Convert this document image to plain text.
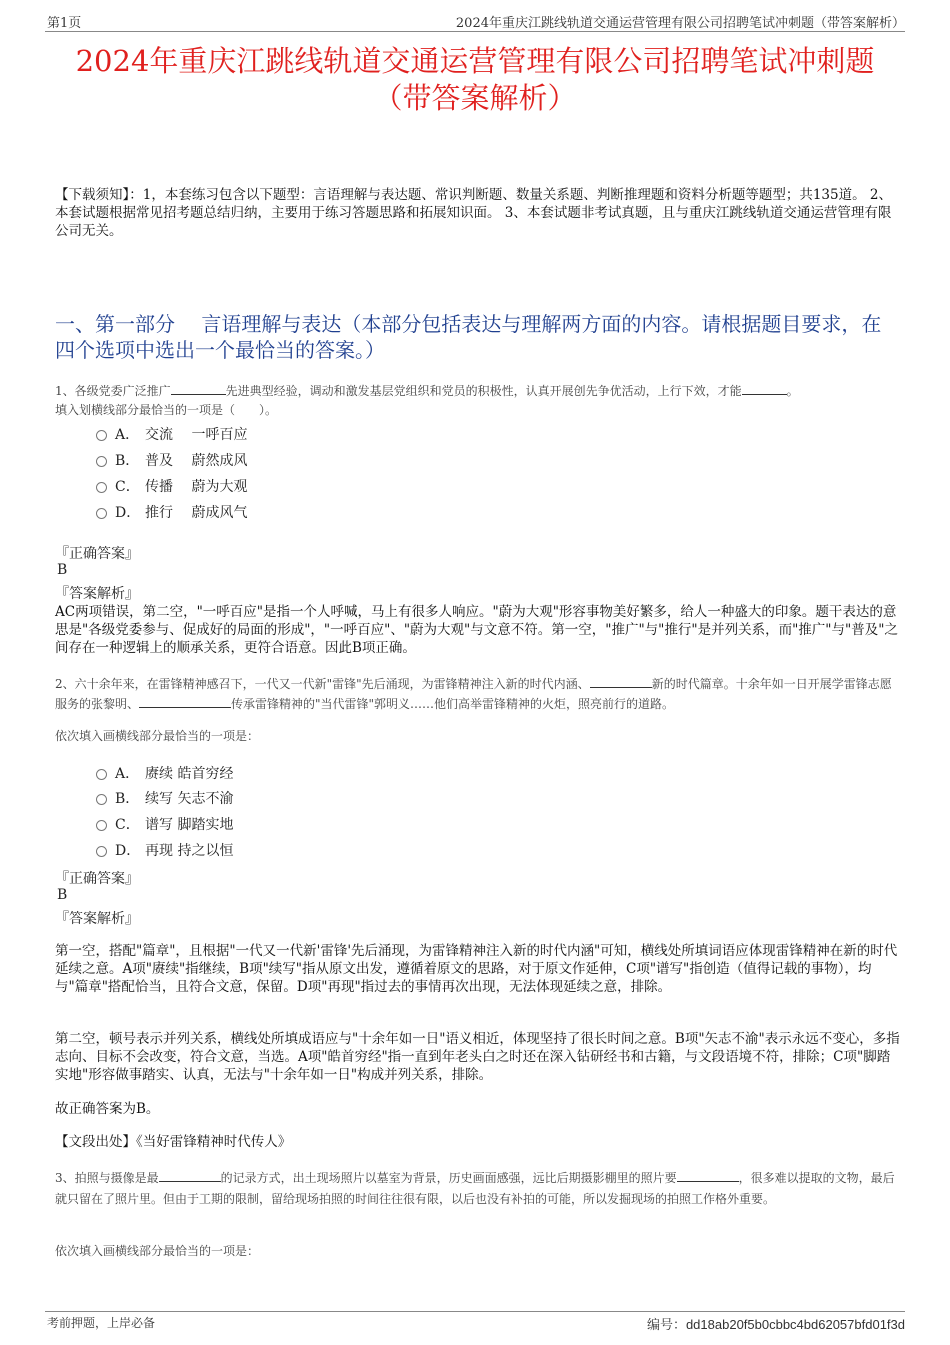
第1页	2024年重庆江跳线轨道交通运营管理有限公司招聘笔试冲刺题（带答案解析）
2024年重庆江跳线轨道交通运营管理有限公司招聘笔试冲刺题
（带答案解析）
【下载须知】：1，本套练习包含以下题型：言语理解与表达题、常识判断题、数量关系题、判断推理题和资料分析题等题型；共135道。 2、本套试题根据常见招考题总结归纳，主要用于练习答题思路和拓展知识面。 3、本套试题非考试真题，且与重庆江跳线轨道交通运营管理有限公司无关。
一、第一部分　 言语理解与表达（本部分包括表达与理解两方面的内容。请根据题目要求，在四个选项中选出一个最恰当的答案。）
1、各级党委广泛推广	先进典型经验，调动和激发基层党组织和党员的积极性，认真开展创先争优活动，上行下效，才能	。
填入划横线部分最恰当的一项是（　　）。
A． 交流　 一呼百应
B． 普及　 蔚然成风
C． 传播　 蔚为大观
D． 推行　 蔚成风气
『正确答案』
B
『答案解析』
AC两项错误，第二空，"一呼百应"是指一个人呼喊，马上有很多人响应。"蔚为大观"形容事物美好繁多，给人一种盛大的印象。题干表达的意思是"各级党委参与、促成好的局面的形成"，"一呼百应"、"蔚为大观"与文意不符。第一空，"推广"与"推行"是并列关系，而"推广"与"普及"之间存在一种逻辑上的顺承关系，更符合语意。因此B项正确。
2、六十余年来，在雷锋精神感召下，一代又一代新"雷锋"先后涌现，为雷锋精神注入新的时代内涵、	新的时代篇章。十余年如一日开展学雷锋志愿服务的张黎明、	传承雷锋精神的"当代雷锋"郭明义……他们高举雷锋精神的火炬，照亮前行的道路。
依次填入画横线部分最恰当的一项是：
A． 赓续 皓首穷经
B． 续写 矢志不渝
C． 谱写 脚踏实地
D． 再现 持之以恒
『正确答案』
B
『答案解析』
第一空，搭配"篇章"，且根据"一代又一代新'雷锋'先后涌现，为雷锋精神注入新的时代内涵"可知，横线处所填词语应体现雷锋精神在新的时代延续之意。A项"赓续"指继续，B项"续写"指从原文出发，遵循着原文的思路，对于原文作延伸，C项"谱写"指创造（值得记载的事物），均与"篇章"搭配恰当，且符合文意，保留。D项"再现"指过去的事情再次出现，无法体现延续之意，排除。
第二空，顿号表示并列关系，横线处所填成语应与"十余年如一日"语义相近，体现坚持了很长时间之意。B项"矢志不渝"表示永远不变心，多指志向、目标不会改变，符合文意，当选。A项"皓首穷经"指一直到年老头白之时还在深入钻研经书和古籍，与文段语境不符，排除；C项"脚踏实地"形容做事踏实、认真，无法与"十余年如一日"构成并列关系，排除。
故正确答案为B。
【文段出处】《当好雷锋精神时代传人》
3、拍照与摄像是最	的记录方式，出土现场照片以墓室为背景，历史画面感强，远比后期摄影棚里的照片要	，很多难以提取的文物，最后就只留在了照片里。但由于工期的限制，留给现场拍照的时间往往很有限，以后也没有补拍的可能，所以发掘现场的拍照工作格外重要。
依次填入画横线部分最恰当的一项是：
考前押题，上岸必备	编号：dd18ab20f5b0cbbc4bd62057bfd01f3d
